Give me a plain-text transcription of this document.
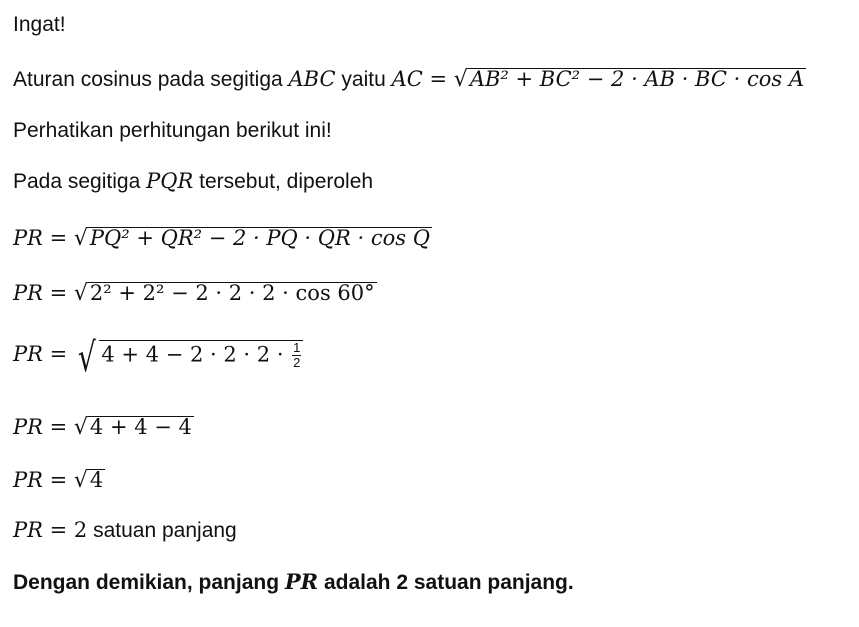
Ingat!
Aturan cosinus pada segitiga ABC yaitu AC = √AB² + BC² − 2 · AB · BC · cos A
Perhatikan perhitungan berikut ini!
Pada segitiga PQR tersebut, diperoleh
PR = √PQ² + QR² − 2 · PQ · QR · cos Q
PR = √2² + 2² − 2 · 2 · 2 · cos 60°
PR = √ $4 + 4 - 2 \cdot 2 \cdot 2 \cdot \frac{1}{2}$
PR = √4 + 4 − 4
PR = √4
PR = 2 satuan panjang
Dengan demikian, panjang PR adalah 2 satuan panjang.
